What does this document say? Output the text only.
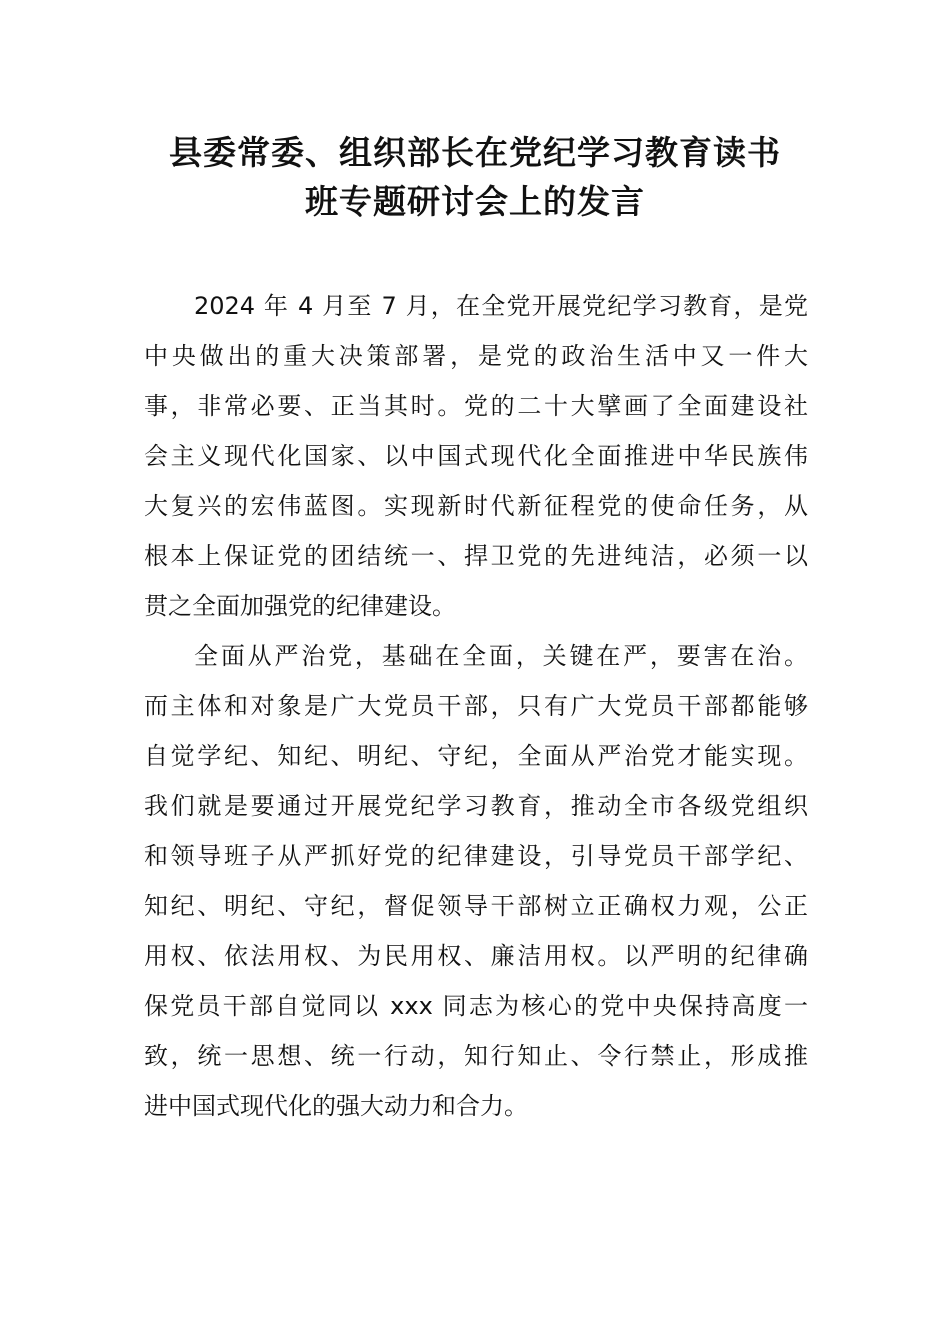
县委常委、组织部长在党纪学习教育读书
班专题研讨会上的发言

2024 年 4 月至 7 月，在全党开展党纪学习教育，是党
中央做出的重大决策部署，是党的政治生活中又一件大
事，非常必要、正当其时。党的二十大擘画了全面建设社
会主义现代化国家、以中国式现代化全面推进中华民族伟
大复兴的宏伟蓝图。实现新时代新征程党的使命任务，从
根本上保证党的团结统一、捍卫党的先进纯洁，必须一以
贯之全面加强党的纪律建设。

全面从严治党，基础在全面，关键在严，要害在治。
而主体和对象是广大党员干部，只有广大党员干部都能够
自觉学纪、知纪、明纪、守纪，全面从严治党才能实现。
我们就是要通过开展党纪学习教育，推动全市各级党组织
和领导班子从严抓好党的纪律建设，引导党员干部学纪、
知纪、明纪、守纪，督促领导干部树立正确权力观，公正
用权、依法用权、为民用权、廉洁用权。以严明的纪律确
保党员干部自觉同以 xxx 同志为核心的党中央保持高度一
致，统一思想、统一行动，知行知止、令行禁止，形成推
进中国式现代化的强大动力和合力。
